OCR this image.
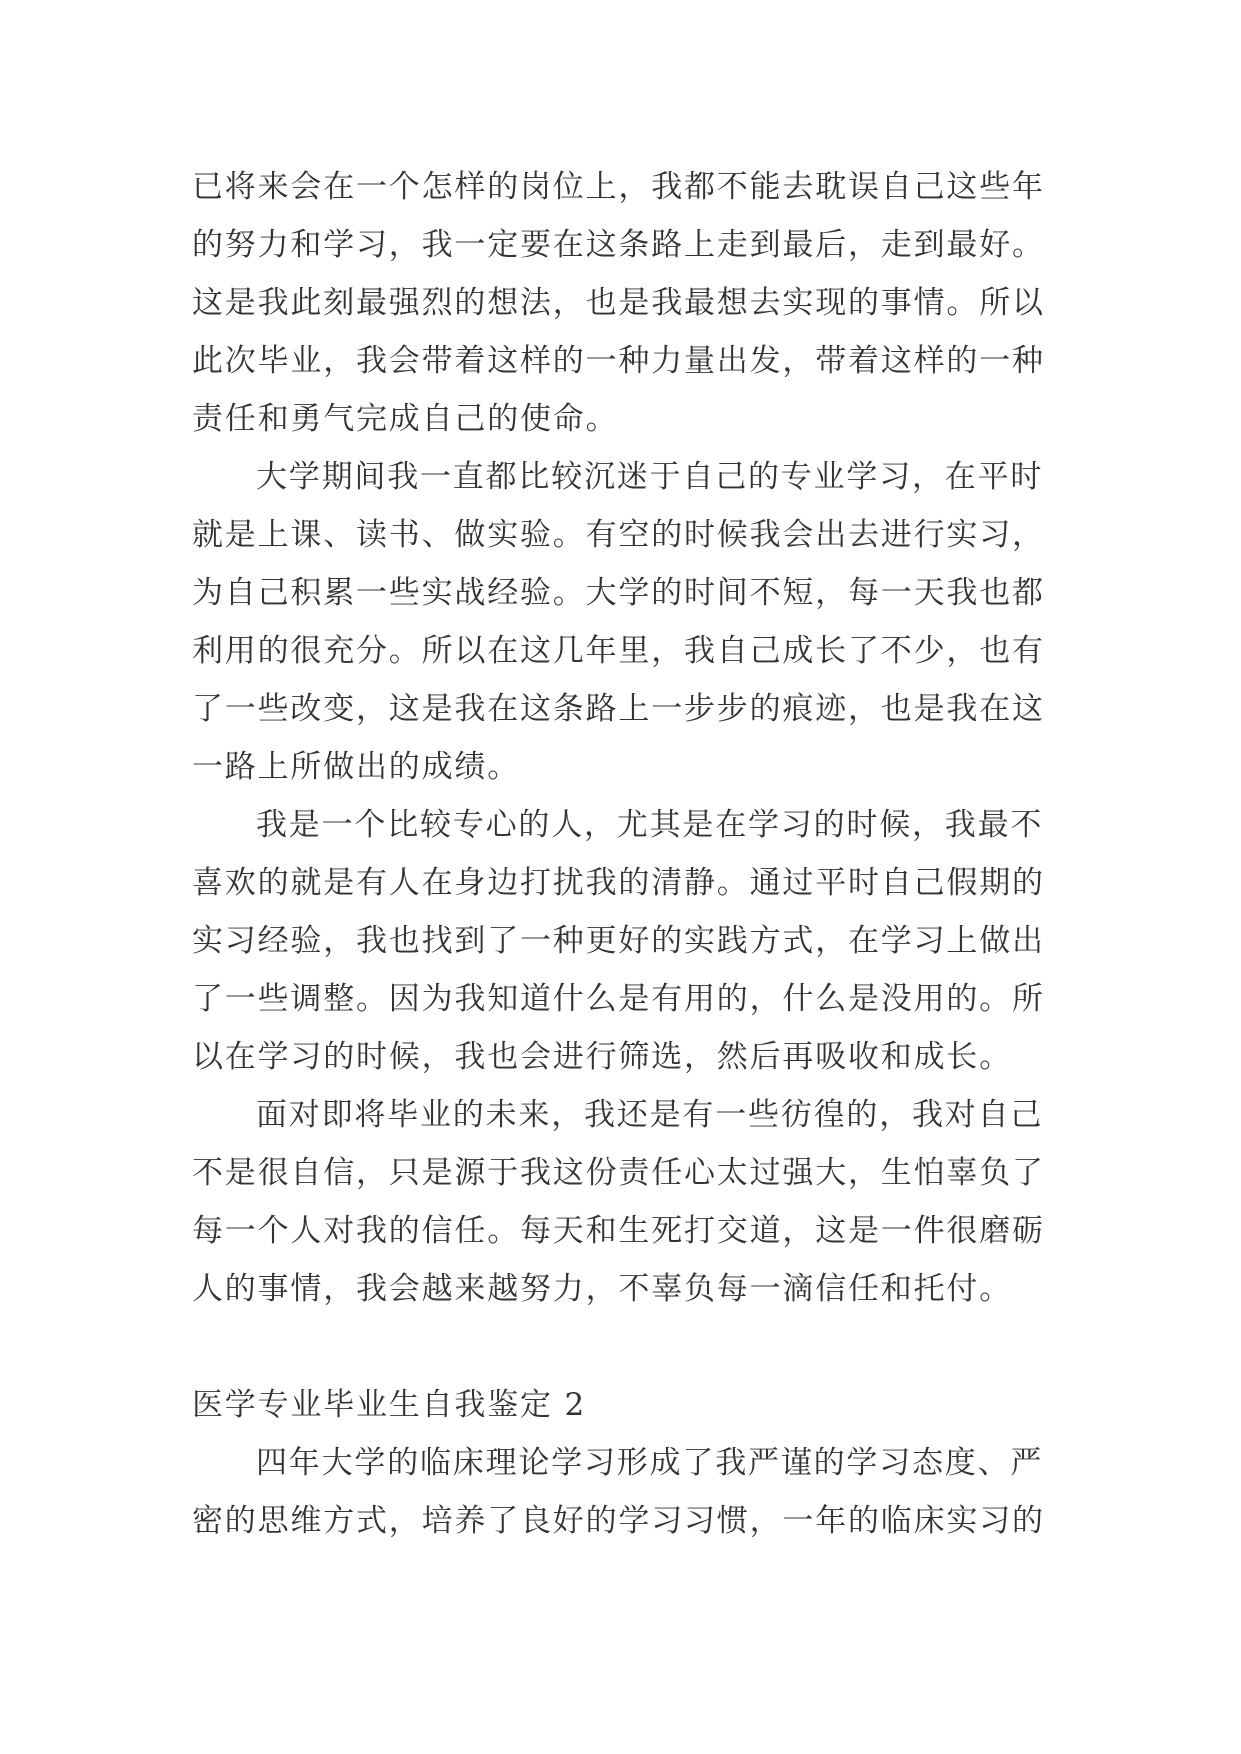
已将来会在一个怎样的岗位上，我都不能去耽误自己这些年
的努力和学习，我一定要在这条路上走到最后，走到最好。
这是我此刻最强烈的想法，也是我最想去实现的事情。所以
此次毕业，我会带着这样的一种力量出发，带着这样的一种
责任和勇气完成自己的使命。
大学期间我一直都比较沉迷于自己的专业学习，在平时
就是上课、读书、做实验。有空的时候我会出去进行实习，
为自己积累一些实战经验。大学的时间不短，每一天我也都
利用的很充分。所以在这几年里，我自己成长了不少，也有
了一些改变，这是我在这条路上一步步的痕迹，也是我在这
一路上所做出的成绩。
我是一个比较专心的人，尤其是在学习的时候，我最不
喜欢的就是有人在身边打扰我的清静。通过平时自己假期的
实习经验，我也找到了一种更好的实践方式，在学习上做出
了一些调整。因为我知道什么是有用的，什么是没用的。所
以在学习的时候，我也会进行筛选，然后再吸收和成长。
面对即将毕业的未来，我还是有一些彷徨的，我对自己
不是很自信，只是源于我这份责任心太过强大，生怕辜负了
每一个人对我的信任。每天和生死打交道，这是一件很磨砺
人的事情，我会越来越努力，不辜负每一滴信任和托付。
医学专业毕业生自我鉴定 2
四年大学的临床理论学习形成了我严谨的学习态度、严
密的思维方式，培养了良好的学习习惯，一年的临床实习的
